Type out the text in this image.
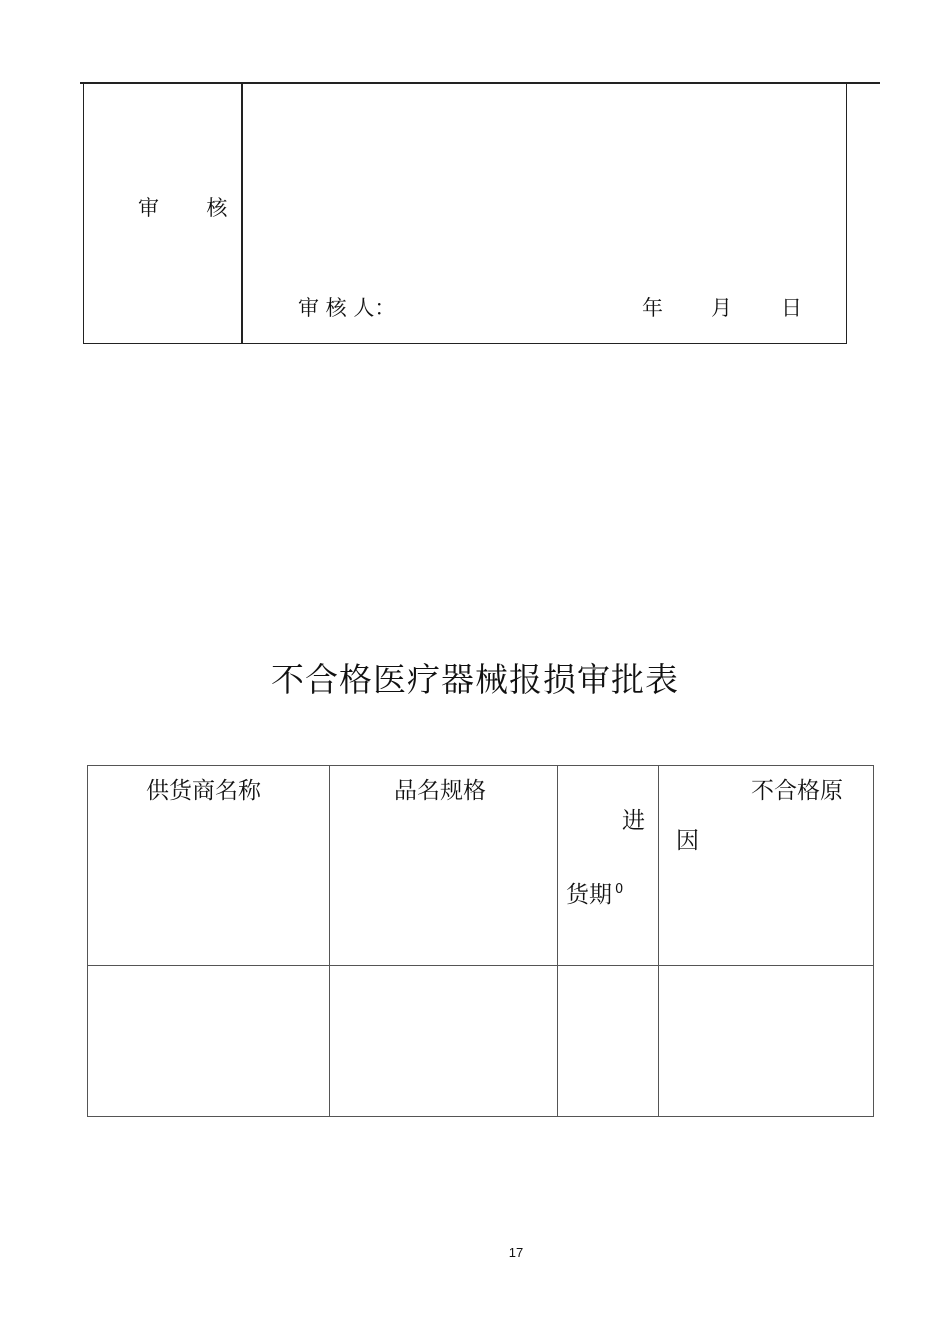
审 核
审 核 人：	年 月 日
不合格医疗器械报损审批表
供货商名称	品名规格
进
货期 $^0$
不合格原
因
17
